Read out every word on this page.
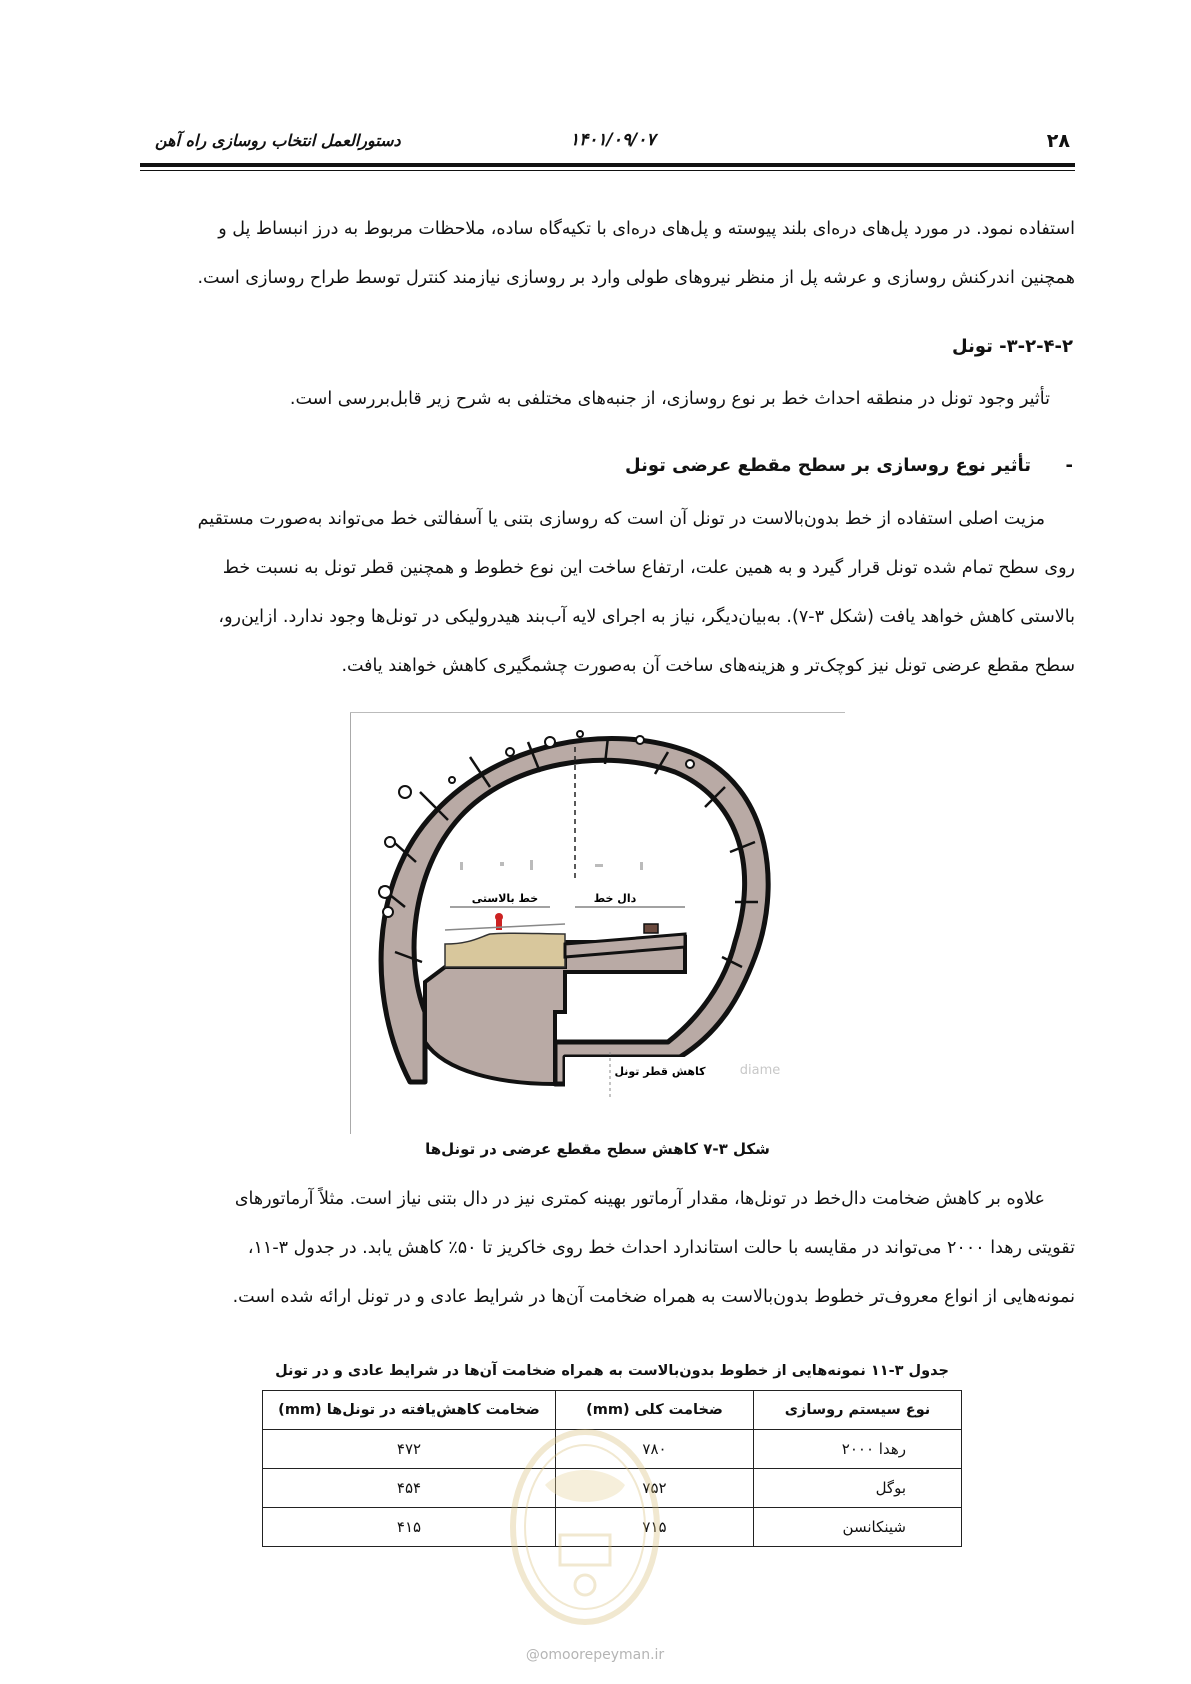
۲۸
۱۴۰۱/۰۹/۰۷
دستورالعمل انتخاب روسازی راه آهن
استفاده نمود. در مورد پل‌های دره‌ای بلند پیوسته و پل‌های دره‌ای با تکیه‌گاه ساده، ملاحظات مربوط به درز انبساط پل و
همچنین اندرکنش روسازی و عرشه پل از منظر نیروهای طولی وارد بر روسازی نیازمند کنترل توسط طراح روسازی است.
۳-۲-۴-۲- تونل
تأثیر وجود تونل در منطقه احداث خط بر نوع روسازی، از جنبه‌های مختلفی به شرح زیر قابل‌بررسی است.
-
تأثیر نوع روسازی بر سطح مقطع عرضی تونل
مزیت اصلی استفاده از خط بدون‌بالاست در تونل آن است که روسازی بتنی یا آسفالتی خط می‌تواند به‌صورت مستقیم
روی سطح تمام شده تونل قرار گیرد و به همین علت، ارتفاع ساخت این نوع خطوط و همچنین قطر تونل به نسبت خط
بالاستی کاهش خواهد یافت (شکل ۳-۷). به‌بیان‌دیگر، نیاز به اجرای لایه آب‌بند هیدرولیکی در تونل‌ها وجود ندارد. ازاین‌رو،
سطح مقطع عرضی تونل نیز کوچک‌تر و هزینه‌های ساخت آن به‌صورت چشمگیری کاهش خواهند یافت.
خط بالاستی	دال خط
کاهش قطر تونل	diame
شکل ۳-۷ کاهش سطح مقطع عرضی در تونل‌ها
علاوه بر کاهش ضخامت دال‌خط در تونل‌ها، مقدار آرماتور بهینه کمتری نیز در دال بتنی نیاز است. مثلاً آرماتورهای
تقویتی رهدا ۲۰۰۰ می‌تواند در مقایسه با حالت استاندارد احداث خط روی خاکریز تا ۵۰٪ کاهش یابد. در جدول ۳-۱۱،
نمونه‌هایی از انواع معروف‌تر خطوط بدون‌بالاست به همراه ضخامت آن‌ها در شرایط عادی و در تونل ارائه شده است.
جدول ۳-۱۱ نمونه‌هایی از خطوط بدون‌بالاست به همراه ضخامت آن‌ها در شرایط عادی و در تونل
نوع سیستم روسازی	ضخامت کلی (mm)	ضخامت کاهش‌یافته در تونل‌ها (mm)
رهدا ۲۰۰۰	۷۸۰	۴۷۲
بوگل	۷۵۲	۴۵۴
شینکانسن	۷۱۵	۴۱۵
@omoorepeyman.ir
